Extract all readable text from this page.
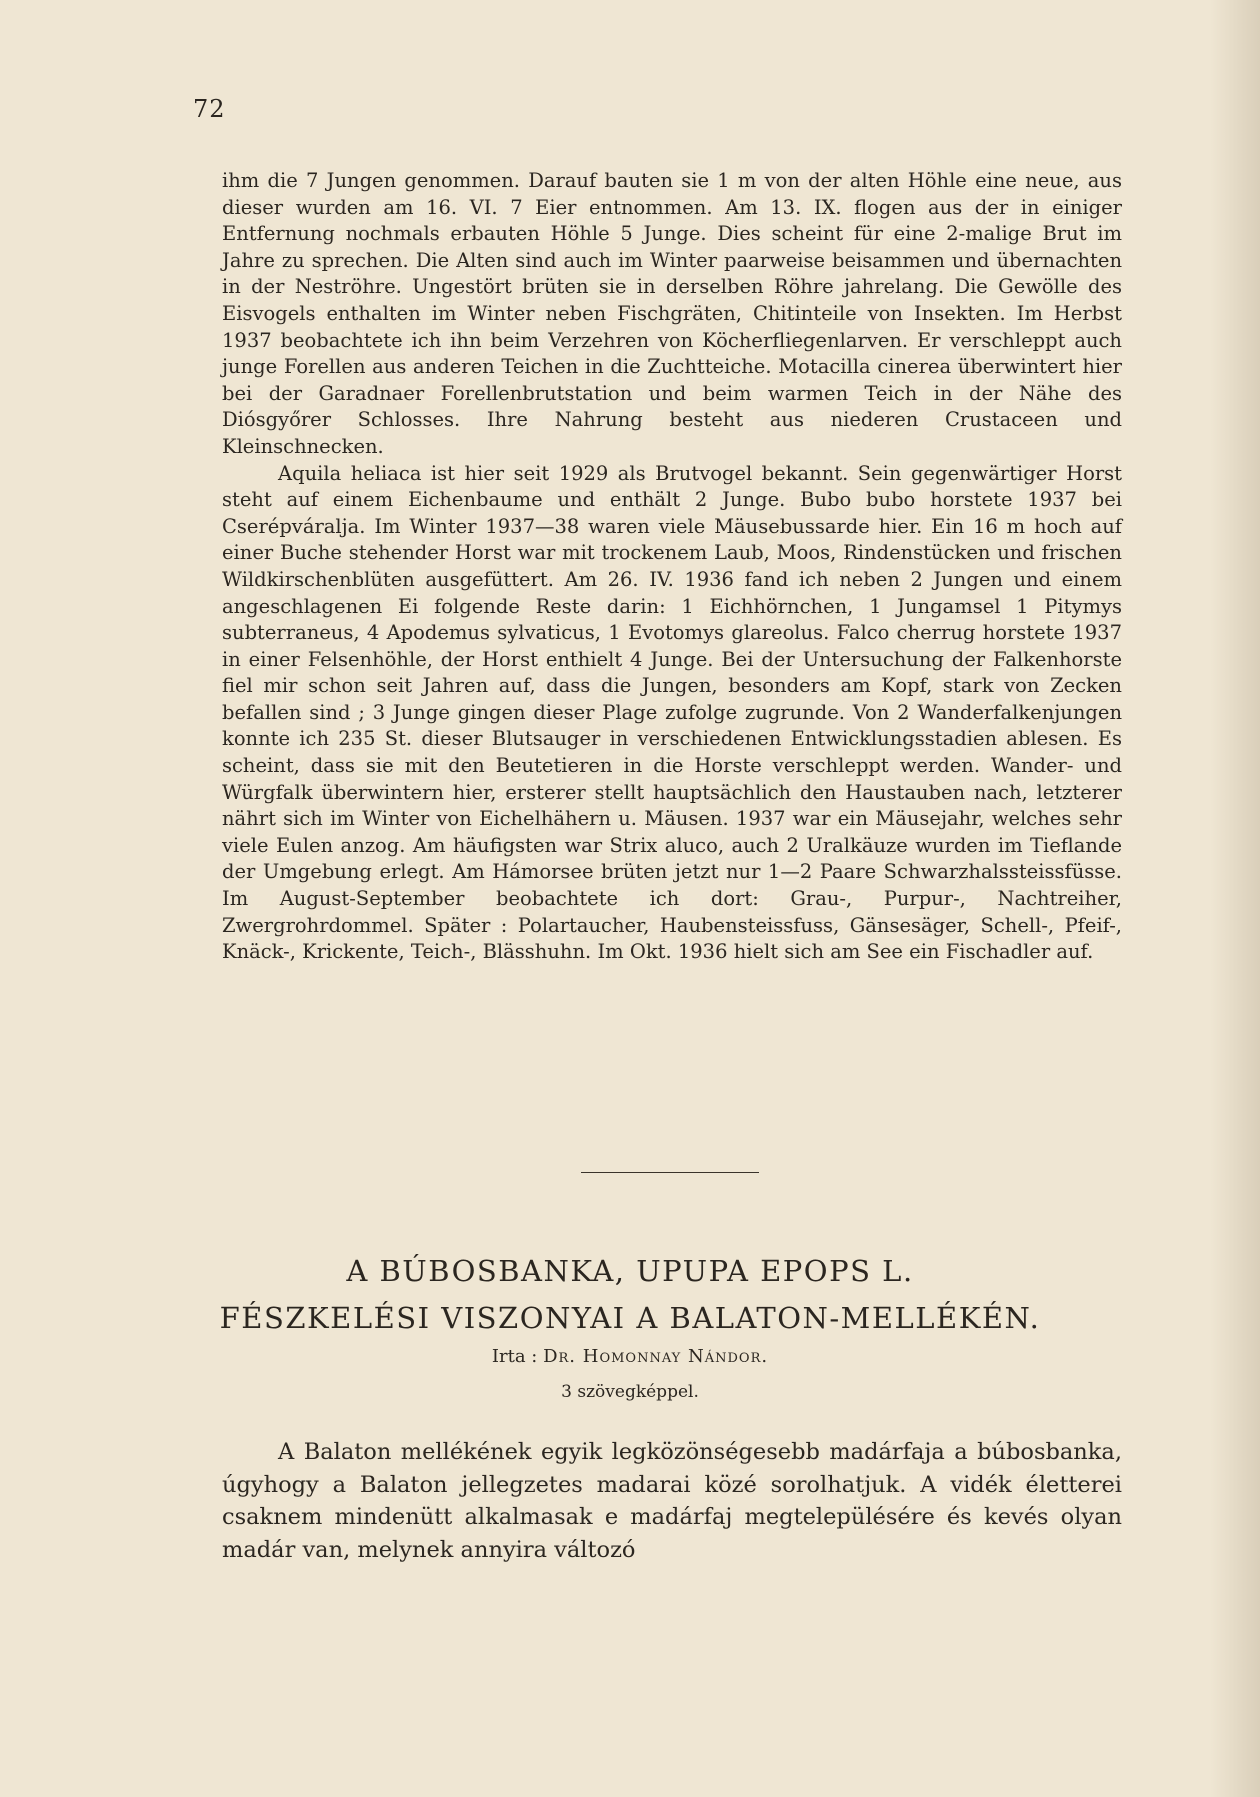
72

ihm die 7 Jungen genommen. Darauf bauten sie 1 m von der alten Höhle eine neue, aus dieser wurden am 16. VI. 7 Eier entnommen. Am 13. IX. flogen aus der in einiger Entfernung nochmals erbauten Höhle 5 Junge. Dies scheint für eine 2-malige Brut im Jahre zu sprechen. Die Alten sind auch im Winter paarweise beisammen und übernachten in der Neströhre. Ungestört brüten sie in derselben Röhre jahrelang. Die Gewölle des Eisvogels enthalten im Winter neben Fischgräten, Chitinteile von Insekten. Im Herbst 1937 beobachtete ich ihn beim Verzehren von Köcherfliegenlarven. Er verschleppt auch junge Forellen aus anderen Teichen in die Zuchtteiche. Motacilla cinerea überwintert hier bei der Garadnaer Forellenbrutstation und beim warmen Teich in der Nähe des Diósgyőrer Schlosses. Ihre Nahrung besteht aus niederen Crustaceen und Kleinschnecken.

Aquila heliaca ist hier seit 1929 als Brutvogel bekannt. Sein gegenwärtiger Horst steht auf einem Eichenbaume und enthält 2 Junge. Bubo bubo horstete 1937 bei Cserépváralja. Im Winter 1937—38 waren viele Mäusebussarde hier. Ein 16 m hoch auf einer Buche stehender Horst war mit trockenem Laub, Moos, Rindenstücken und frischen Wildkirschenblüten ausgefüttert. Am 26. IV. 1936 fand ich neben 2 Jungen und einem angeschlagenen Ei folgende Reste darin: 1 Eichhörnchen, 1 Jungamsel 1 Pitymys subterraneus, 4 Apodemus sylvaticus, 1 Evotomys glareolus. Falco cherrug horstete 1937 in einer Felsenhöhle, der Horst enthielt 4 Junge. Bei der Untersuchung der Falkenhorste fiel mir schon seit Jahren auf, dass die Jungen, besonders am Kopf, stark von Zecken befallen sind ; 3 Junge gingen dieser Plage zufolge zugrunde. Von 2 Wanderfalkenjungen konnte ich 235 St. dieser Blutsauger in verschiedenen Entwicklungsstadien ablesen. Es scheint, dass sie mit den Beutetieren in die Horste verschleppt werden. Wander- und Würgfalk überwintern hier, ersterer stellt hauptsächlich den Haustauben nach, letzterer nährt sich im Winter von Eichelhähern u. Mäusen. 1937 war ein Mäusejahr, welches sehr viele Eulen anzog. Am häufigsten war Strix aluco, auch 2 Uralkäuze wurden im Tieflande der Umgebung erlegt. Am Hámorsee brüten jetzt nur 1—2 Paare Schwarzhalssteissfüsse. Im August-September beobachtete ich dort: Grau-, Purpur-, Nachtreiher, Zwergrohrdommel. Später : Polartaucher, Haubensteissfuss, Gänsesäger, Schell-, Pfeif-, Knäck-, Krickente, Teich-, Blässhuhn. Im Okt. 1936 hielt sich am See ein Fischadler auf.

A BÚBOSBANKA, UPUPA EPOPS L.
FÉSZKELÉSI VISZONYAI A BALATON-MELLÉKÉN.
Irta : Dr. Homonnay Nándor.
3 szövegképpel.

A Balaton mellékének egyik legközönségesebb madárfaja a búbosbanka, úgyhogy a Balaton jellegzetes madarai közé sorolhatjuk. A vidék életterei csaknem mindenütt alkalmasak e madárfaj megtelepülésére és kevés olyan madár van, melynek annyira változó
